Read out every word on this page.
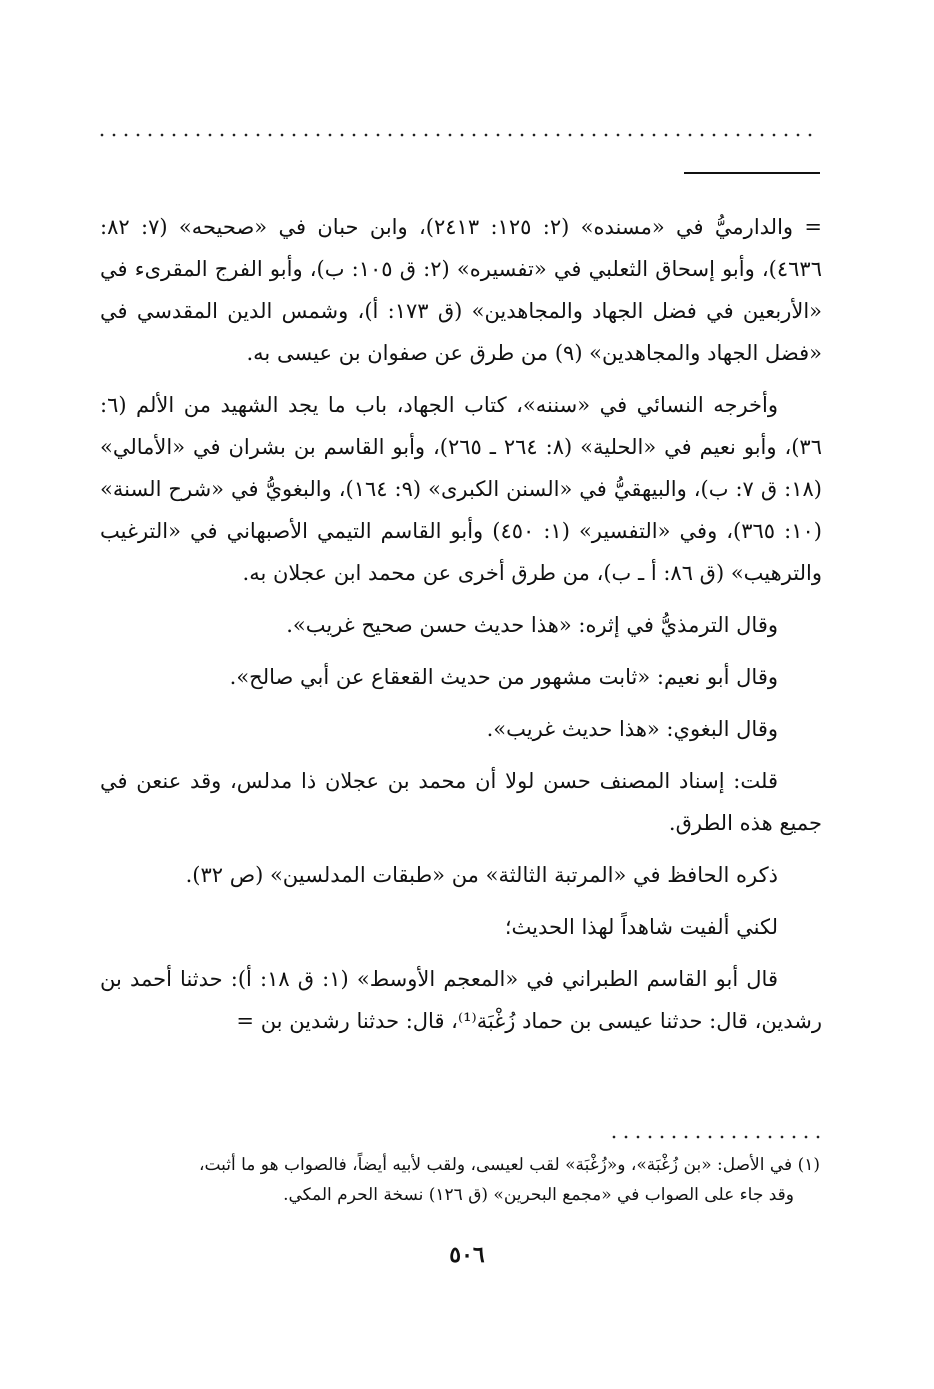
= والدارميُّ في «مسنده» (٢: ١٢٥: ٢٤١٣)، وابن حبان في «صحيحه» (٧: ٨٢: ٤٦٣٦)، وأبو إسحاق الثعلبي في «تفسيره» (٢: ق ١٠٥: ب)، وأبو الفرج المقرىء في «الأربعين في فضل الجهاد والمجاهدين» (ق ١٧٣: أ)، وشمس الدين المقدسي في «فضل الجهاد والمجاهدين» (٩) من طرق عن صفوان بن عيسى به.

وأخرجه النسائي في «سننه»، كتاب الجهاد، باب ما يجد الشهيد من الألم (٦: ٣٦)، وأبو نعيم في «الحلية» (٨: ٢٦٤ ـ ٢٦٥)، وأبو القاسم بن بشران في «الأمالي» (١٨: ق ٧: ب)، والبيهقيُّ في «السنن الكبرى» (٩: ١٦٤)، والبغويُّ في «شرح السنة» (١٠: ٣٦٥)، وفي «التفسير» (١: ٤٥٠) وأبو القاسم التيمي الأصبهاني في «الترغيب والترهيب» (ق ٨٦: أ ـ ب)، من طرق أخرى عن محمد ابن عجلان به.

وقال الترمذيُّ في إثره: «هذا حديث حسن صحيح غريب».

وقال أبو نعيم: «ثابت مشهور من حديث القعقاع عن أبي صالح».

وقال البغوي: «هذا حديث غريب».

قلت: إسناد المصنف حسن لولا أن محمد بن عجلان ذا مدلس، وقد عنعن في جميع هذه الطرق.

ذكره الحافظ في «المرتبة الثالثة» من «طبقات المدلسين» (ص ٣٢).

لكني ألفيت شاهداً لهذا الحديث؛

قال أبو القاسم الطبراني في «المعجم الأوسط» (١: ق ١٨: أ): حدثنا أحمد بن رشدين، قال: حدثنا عيسى بن حماد زُغْبَة⁽¹⁾، قال: حدثنا رشدين بن =

(١) في الأصل: «بن زُغْبَة»، و«زُغْبَة» لقب لعيسى، ولقب لأبيه أيضاً، فالصواب هو ما أثبت،
وقد جاء على الصواب في «مجمع البحرين» (ق ١٢٦) نسخة الحرم المكي.
٥٠٦
